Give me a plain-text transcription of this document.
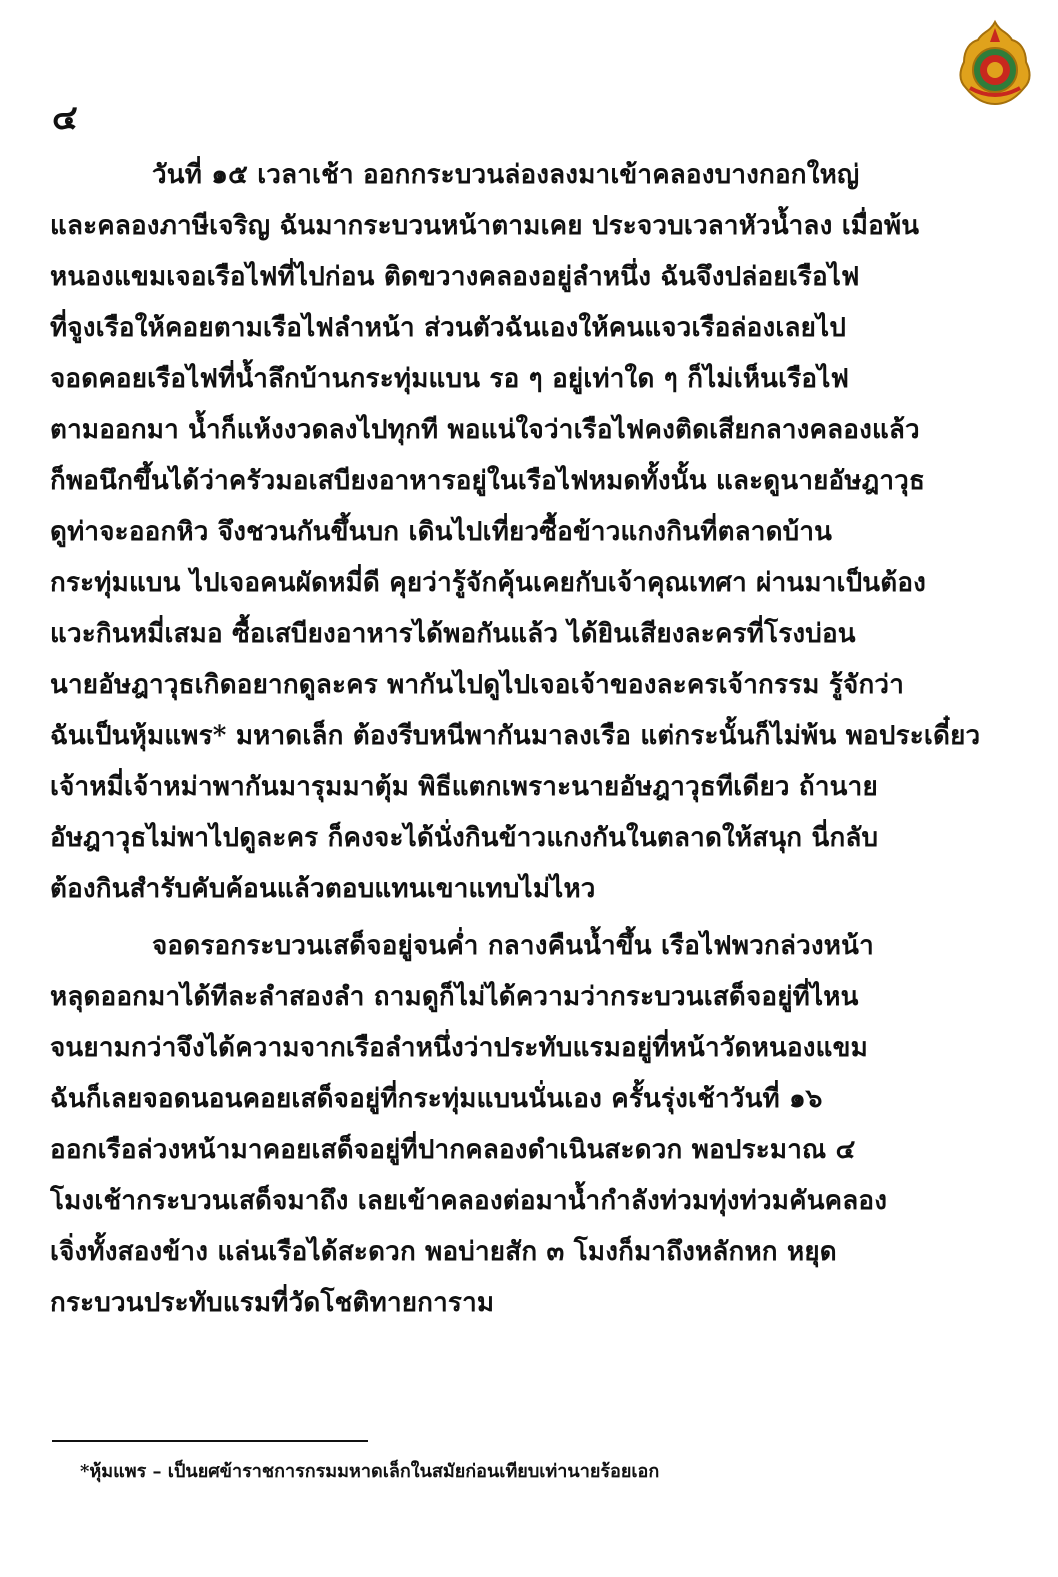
๔
วันที่ ๑๕ เวลาเช้า ออกกระบวนล่องลงมาเข้าคลองบางกอกใหญ่
และคลองภาษีเจริญ ฉันมากระบวนหน้าตามเคย ประจวบเวลาหัวน้ำลง เมื่อพ้น
หนองแขมเจอเรือไฟที่ไปก่อน ติดขวางคลองอยู่ลำหนึ่ง ฉันจึงปล่อยเรือไฟ
ที่จูงเรือให้คอยตามเรือไฟลำหน้า ส่วนตัวฉันเองให้คนแจวเรือล่องเลยไป
จอดคอยเรือไฟที่น้ำลึกบ้านกระทุ่มแบน รอ ๆ อยู่เท่าใด ๆ ก็ไม่เห็นเรือไฟ
ตามออกมา น้ำก็แห้งงวดลงไปทุกที พอแน่ใจว่าเรือไฟคงติดเสียกลางคลองแล้ว
ก็พอนึกขึ้นได้ว่าครัวมอเสบียงอาหารอยู่ในเรือไฟหมดทั้งนั้น และดูนายอัษฎาวุธ
ดูท่าจะออกหิว จึงชวนกันขึ้นบก เดินไปเที่ยวซื้อข้าวแกงกินที่ตลาดบ้าน
กระทุ่มแบน ไปเจอคนผัดหมี่ดี คุยว่ารู้จักคุ้นเคยกับเจ้าคุณเทศา ผ่านมาเป็นต้อง
แวะกินหมี่เสมอ ซื้อเสบียงอาหารได้พอกันแล้ว ได้ยินเสียงละครที่โรงบ่อน
นายอัษฎาวุธเกิดอยากดูละคร พากันไปดูไปเจอเจ้าของละครเจ้ากรรม รู้จักว่า
ฉันเป็นหุ้มแพร* มหาดเล็ก ต้องรีบหนีพากันมาลงเรือ แต่กระนั้นก็ไม่พ้น พอประเดี๋ยว
เจ้าหมี่เจ้าหม่าพากันมารุมมาตุ้ม พิธีแตกเพราะนายอัษฎาวุธทีเดียว ถ้านาย
อัษฎาวุธไม่พาไปดูละคร ก็คงจะได้นั่งกินข้าวแกงกันในตลาดให้สนุก นี่กลับ
ต้องกินสำรับคับค้อนแล้วตอบแทนเขาแทบไม่ไหว
จอดรอกระบวนเสด็จอยู่จนค่ำ กลางคืนน้ำขึ้น เรือไฟพวกล่วงหน้า
หลุดออกมาได้ทีละลำสองลำ ถามดูก็ไม่ได้ความว่ากระบวนเสด็จอยู่ที่ไหน
จนยามกว่าจึงได้ความจากเรือลำหนึ่งว่าประทับแรมอยู่ที่หน้าวัดหนองแขม
ฉันก็เลยจอดนอนคอยเสด็จอยู่ที่กระทุ่มแบนนั่นเอง ครั้นรุ่งเช้าวันที่ ๑๖
ออกเรือล่วงหน้ามาคอยเสด็จอยู่ที่ปากคลองดำเนินสะดวก พอประมาณ ๔
โมงเช้ากระบวนเสด็จมาถึง เลยเข้าคลองต่อมาน้ำกำลังท่วมทุ่งท่วมคันคลอง
เจิ่งทั้งสองข้าง แล่นเรือได้สะดวก พอบ่ายสัก ๓ โมงก็มาถึงหลักหก หยุด
กระบวนประทับแรมที่วัดโชติทายการาม
*หุ้มแพร – เป็นยศข้าราชการกรมมหาดเล็กในสมัยก่อนเทียบเท่านายร้อยเอก
